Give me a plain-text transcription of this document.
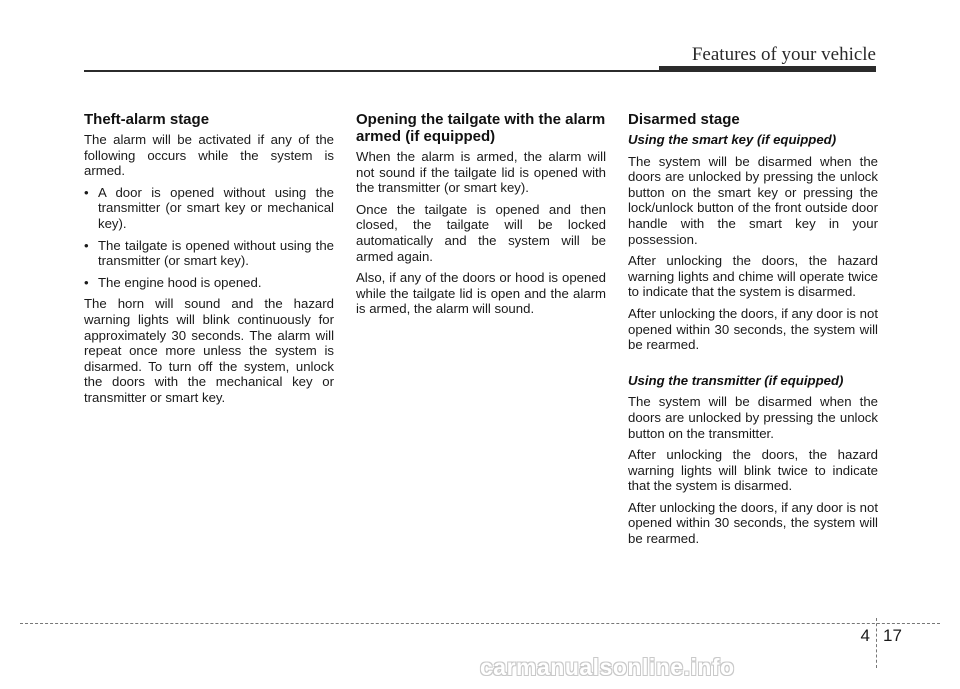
Features of your vehicle
Theft-alarm stage

The alarm will be activated if any of the following occurs while the system is armed.

• A door is opened without using the transmitter (or smart key or mechanical key).
• The tailgate is opened without using the transmitter (or smart key).
• The engine hood is opened.

The horn will sound and the hazard warning lights will blink continuously for approximately 30 seconds. The alarm will repeat once more unless the system is disarmed. To turn off the system, unlock the doors with the mechanical key or transmitter or smart key.

Opening the tailgate with the alarm armed (if equipped)

When the alarm is armed, the alarm will not sound if the tailgate lid is opened with the transmitter (or smart key).

Once the tailgate is opened and then closed, the tailgate will be locked automatically and the system will be armed again.

Also, if any of the doors or hood is opened while the tailgate lid is open and the alarm is armed, the alarm will sound.

Disarmed stage
Using the smart key (if equipped)

The system will be disarmed when the doors are unlocked by pressing the unlock button on the smart key or pressing the lock/unlock button of the front outside door handle with the smart key in your possession.

After unlocking the doors, the hazard warning lights and chime will operate twice to indicate that the system is disarmed.

After unlocking the doors, if any door is not opened within 30 seconds, the system will be rearmed.

Using the transmitter (if equipped)

The system will be disarmed when the doors are unlocked by pressing the unlock button on the transmitter.

After unlocking the doors, the hazard warning lights will blink twice to indicate that the system is disarmed.

After unlocking the doors, if any door is not opened within 30 seconds, the system will be rearmed.

4 17
carmanualsonline.info
